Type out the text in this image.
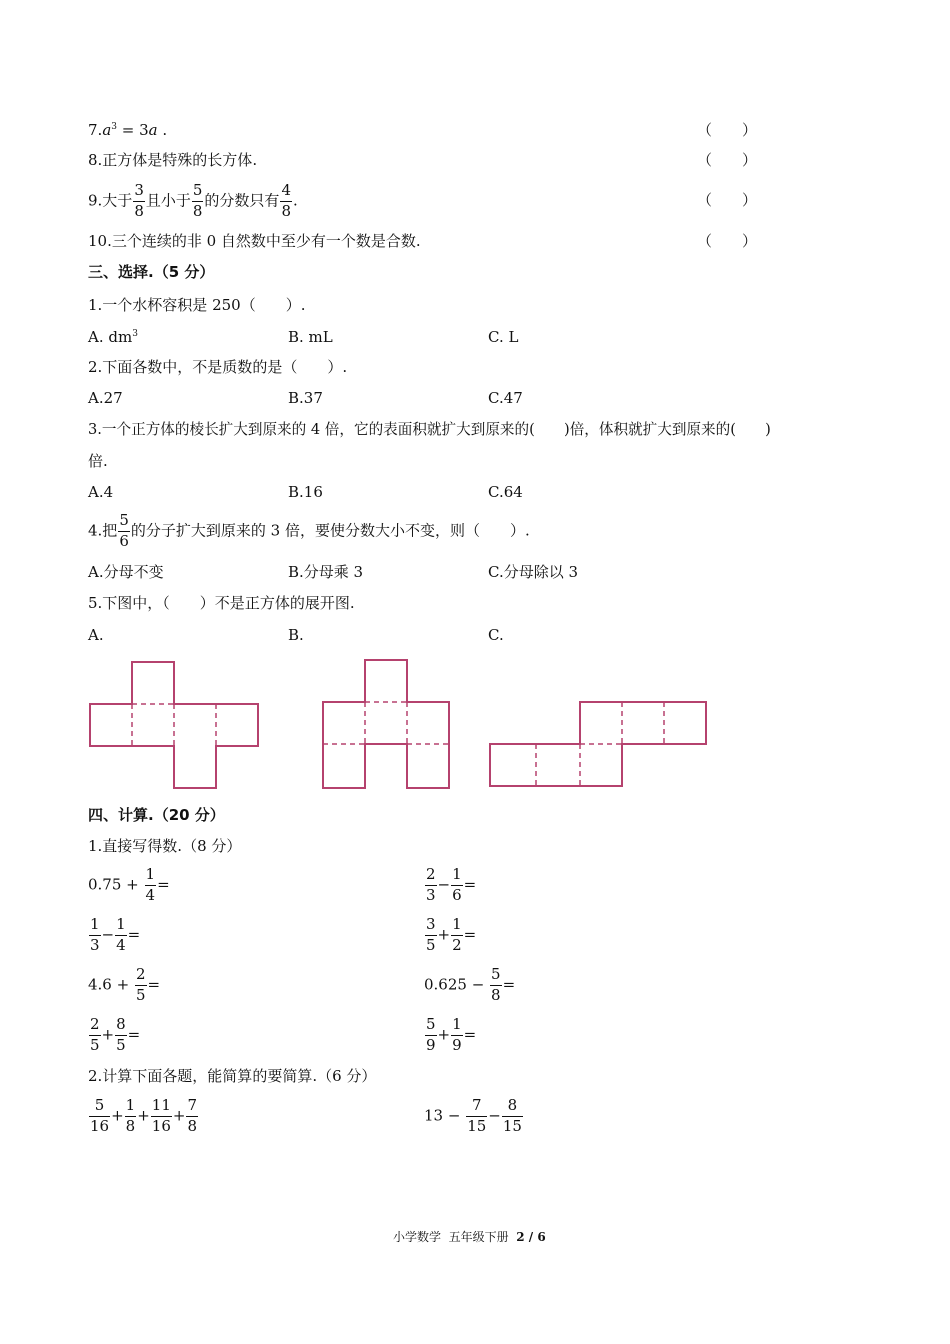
$7.a^3 = 3a$ .	（　　）
8.正方体是特殊的长方体.	（　　）
9.大于 $\frac{3}{8}$ 且小于 $\frac{5}{8}$ 的分数只有 $\frac{4}{8}$ .	（　　）
10.三个连续的非 0 自然数中至少有一个数是合数.	（　　）
三、选择.（5 分）
1.一个水杯容积是 250（　　）.
A. $dm^3$	B. mL	C. L
2.下面各数中，不是质数的是（　　）.
A.27	B.37	C.47
3.一个正方体的棱长扩大到原来的 4 倍，它的表面积就扩大到原来的(　　)倍，体积就扩大到原来的(　　)
倍.
A.4	B.16	C.64
4.把 $\frac{5}{6}$ 的分子扩大到原来的 3 倍，要使分数大小不变，则（　　）.
A.分母不变	B.分母乘 3	C.分母除以 3
5.下图中，（　　）不是正方体的展开图.
A.	B.	C.
四、计算.（20 分）
1.直接写得数.（8 分）
$0.75 + \frac{1}{4}$ =	$\frac{2}{3} - \frac{1}{6}$ =
$\frac{1}{3} - \frac{1}{4}$ =	$\frac{3}{5} + \frac{1}{2}$ =
$4.6 + \frac{2}{5}$ =	$0.625 - \frac{5}{8}$ =
$\frac{2}{5} + \frac{8}{5}$ =	$\frac{5}{9} + \frac{1}{9}$ =
2.计算下面各题，能简算的要简算.（6 分）
$\frac{5}{16} + \frac{1}{8} + \frac{11}{16} + \frac{7}{8}$	$13 - \frac{7}{15} - \frac{8}{15}$
小学数学  五年级下册  2 / 6
